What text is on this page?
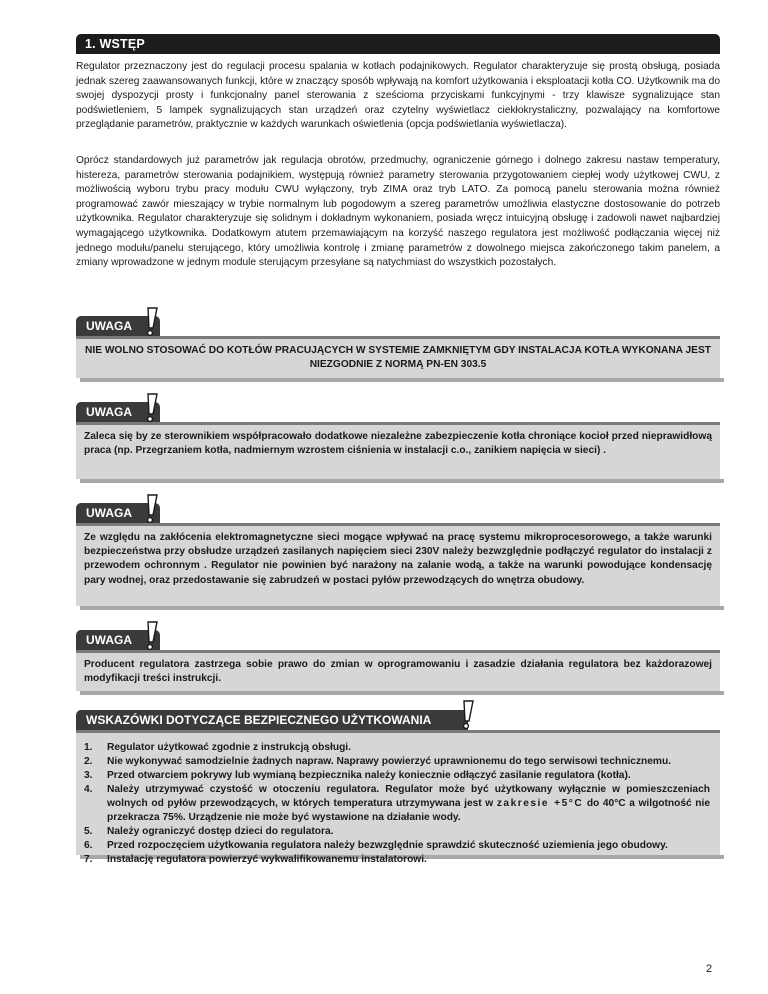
1. WSTĘP

Regulator przeznaczony jest do regulacji procesu spalania w kotłach podajnikowych. Regulator charakteryzuje się prostą obsługą, posiada jednak szereg zaawansowanych funkcji, które w znaczący sposób wpływają na komfort użytkowania i eksploatacji kotła CO. Użytkownik ma do swojej dyspozycji prosty i funkcjonalny panel sterowania z sześcioma przyciskami funkcyjnymi - trzy klawisze sygnalizujące stan podświetleniem, 5 lampek sygnalizujących stan urządzeń oraz czytelny wyświetlacz ciekłokrystaliczny, pozwalający na komfortowe przeglądanie parametrów, praktycznie w każdych warunkach oświetlenia (opcja podświetlania wyświetlacza).

Oprócz standardowych już parametrów jak regulacja obrotów, przedmuchy, ograniczenie górnego i dolnego zakresu nastaw temperatury, histereza, parametrów sterowania podajnikiem, występują również parametry sterowania przygotowaniem ciepłej wody użytkowej CWU, z możliwością wyboru trybu pracy modułu CWU wyłączony, tryb ZIMA oraz tryb LATO. Za pomocą panelu sterowania można również programować zawór mieszający w trybie normalnym lub pogodowym a szereg parametrów umożliwia elastyczne dostosowanie do potrzeb użytkownika. Regulator charakteryzuje się solidnym i dokładnym wykonaniem, posiada wręcz intuicyjną obsługę i zadowoli nawet najbardziej wymagającego użytkownika. Dodatkowym atutem przemawiającym na korzyść naszego regulatora jest możliwość podłączania więcej niż jednego modułu/panelu sterującego, który umożliwia kontrolę i zmianę parametrów z dowolnego miejsca zakończonego takim panelem, a zmiany wprowadzone w jednym module sterującym przesyłane są natychmiast do wszystkich pozostałych.

UWAGA
NIE WOLNO STOSOWAĆ DO KOTŁÓW PRACUJĄCYCH W SYSTEMIE ZAMKNIĘTYM GDY INSTALACJA KOTŁA WYKONANA JEST NIEZGODNIE Z NORMĄ PN-EN 303.5
UWAGA
Zaleca się by ze sterownikiem współpracowało dodatkowe niezależne zabezpieczenie kotła chroniące kocioł przed nieprawidłową praca (np. Przegrzaniem kotła, nadmiernym wzrostem ciśnienia w instalacji c.o., zanikiem napięcia w sieci) .
UWAGA
Ze względu na zakłócenia elektromagnetyczne sieci mogące wpływać na pracę systemu mikroprocesorowego, a także warunki bezpieczeństwa przy obsłudze urządzeń zasilanych napięciem sieci 230V należy bezwzględnie podłączyć regulator do instalacji z przewodem ochronnym . Regulator nie powinien być narażony na zalanie wodą, a także na warunki powodujące kondensację pary wodnej, oraz przedostawanie się zabrudzeń w postaci pyłów przewodzących do wnętrza obudowy.
UWAGA
Producent regulatora zastrzega sobie prawo do zmian w oprogramowaniu i zasadzie działania regulatora bez każdorazowej modyfikacji treści instrukcji.
WSKAZÓWKI DOTYCZĄCE BEZPIECZNEGO UŻYTKOWANIA
1. Regulator użytkować zgodnie z instrukcją obsługi.
2. Nie wykonywać samodzielnie żadnych napraw. Naprawy powierzyć uprawnionemu do tego serwisowi technicznemu.
3. Przed otwarciem pokrywy lub wymianą bezpiecznika należy koniecznie odłączyć zasilanie regulatora (kotła).
4. Należy utrzymywać czystość w otoczeniu regulatora. Regulator może być użytkowany wyłącznie w pomieszczeniach wolnych od pyłów przewodzących, w których temperatura utrzymywana jest w zakresie +5°C do 40°C a wilgotność nie przekracza 75%. Urządzenie nie może być wystawione na działanie wody.
5. Należy ograniczyć dostęp dzieci do regulatora.
6. Przed rozpoczęciem użytkowania regulatora należy bezwzględnie sprawdzić skuteczność uziemienia jego obudowy.
7. Instalację regulatora powierzyć wykwalifikowanemu instalatorowi.
2
